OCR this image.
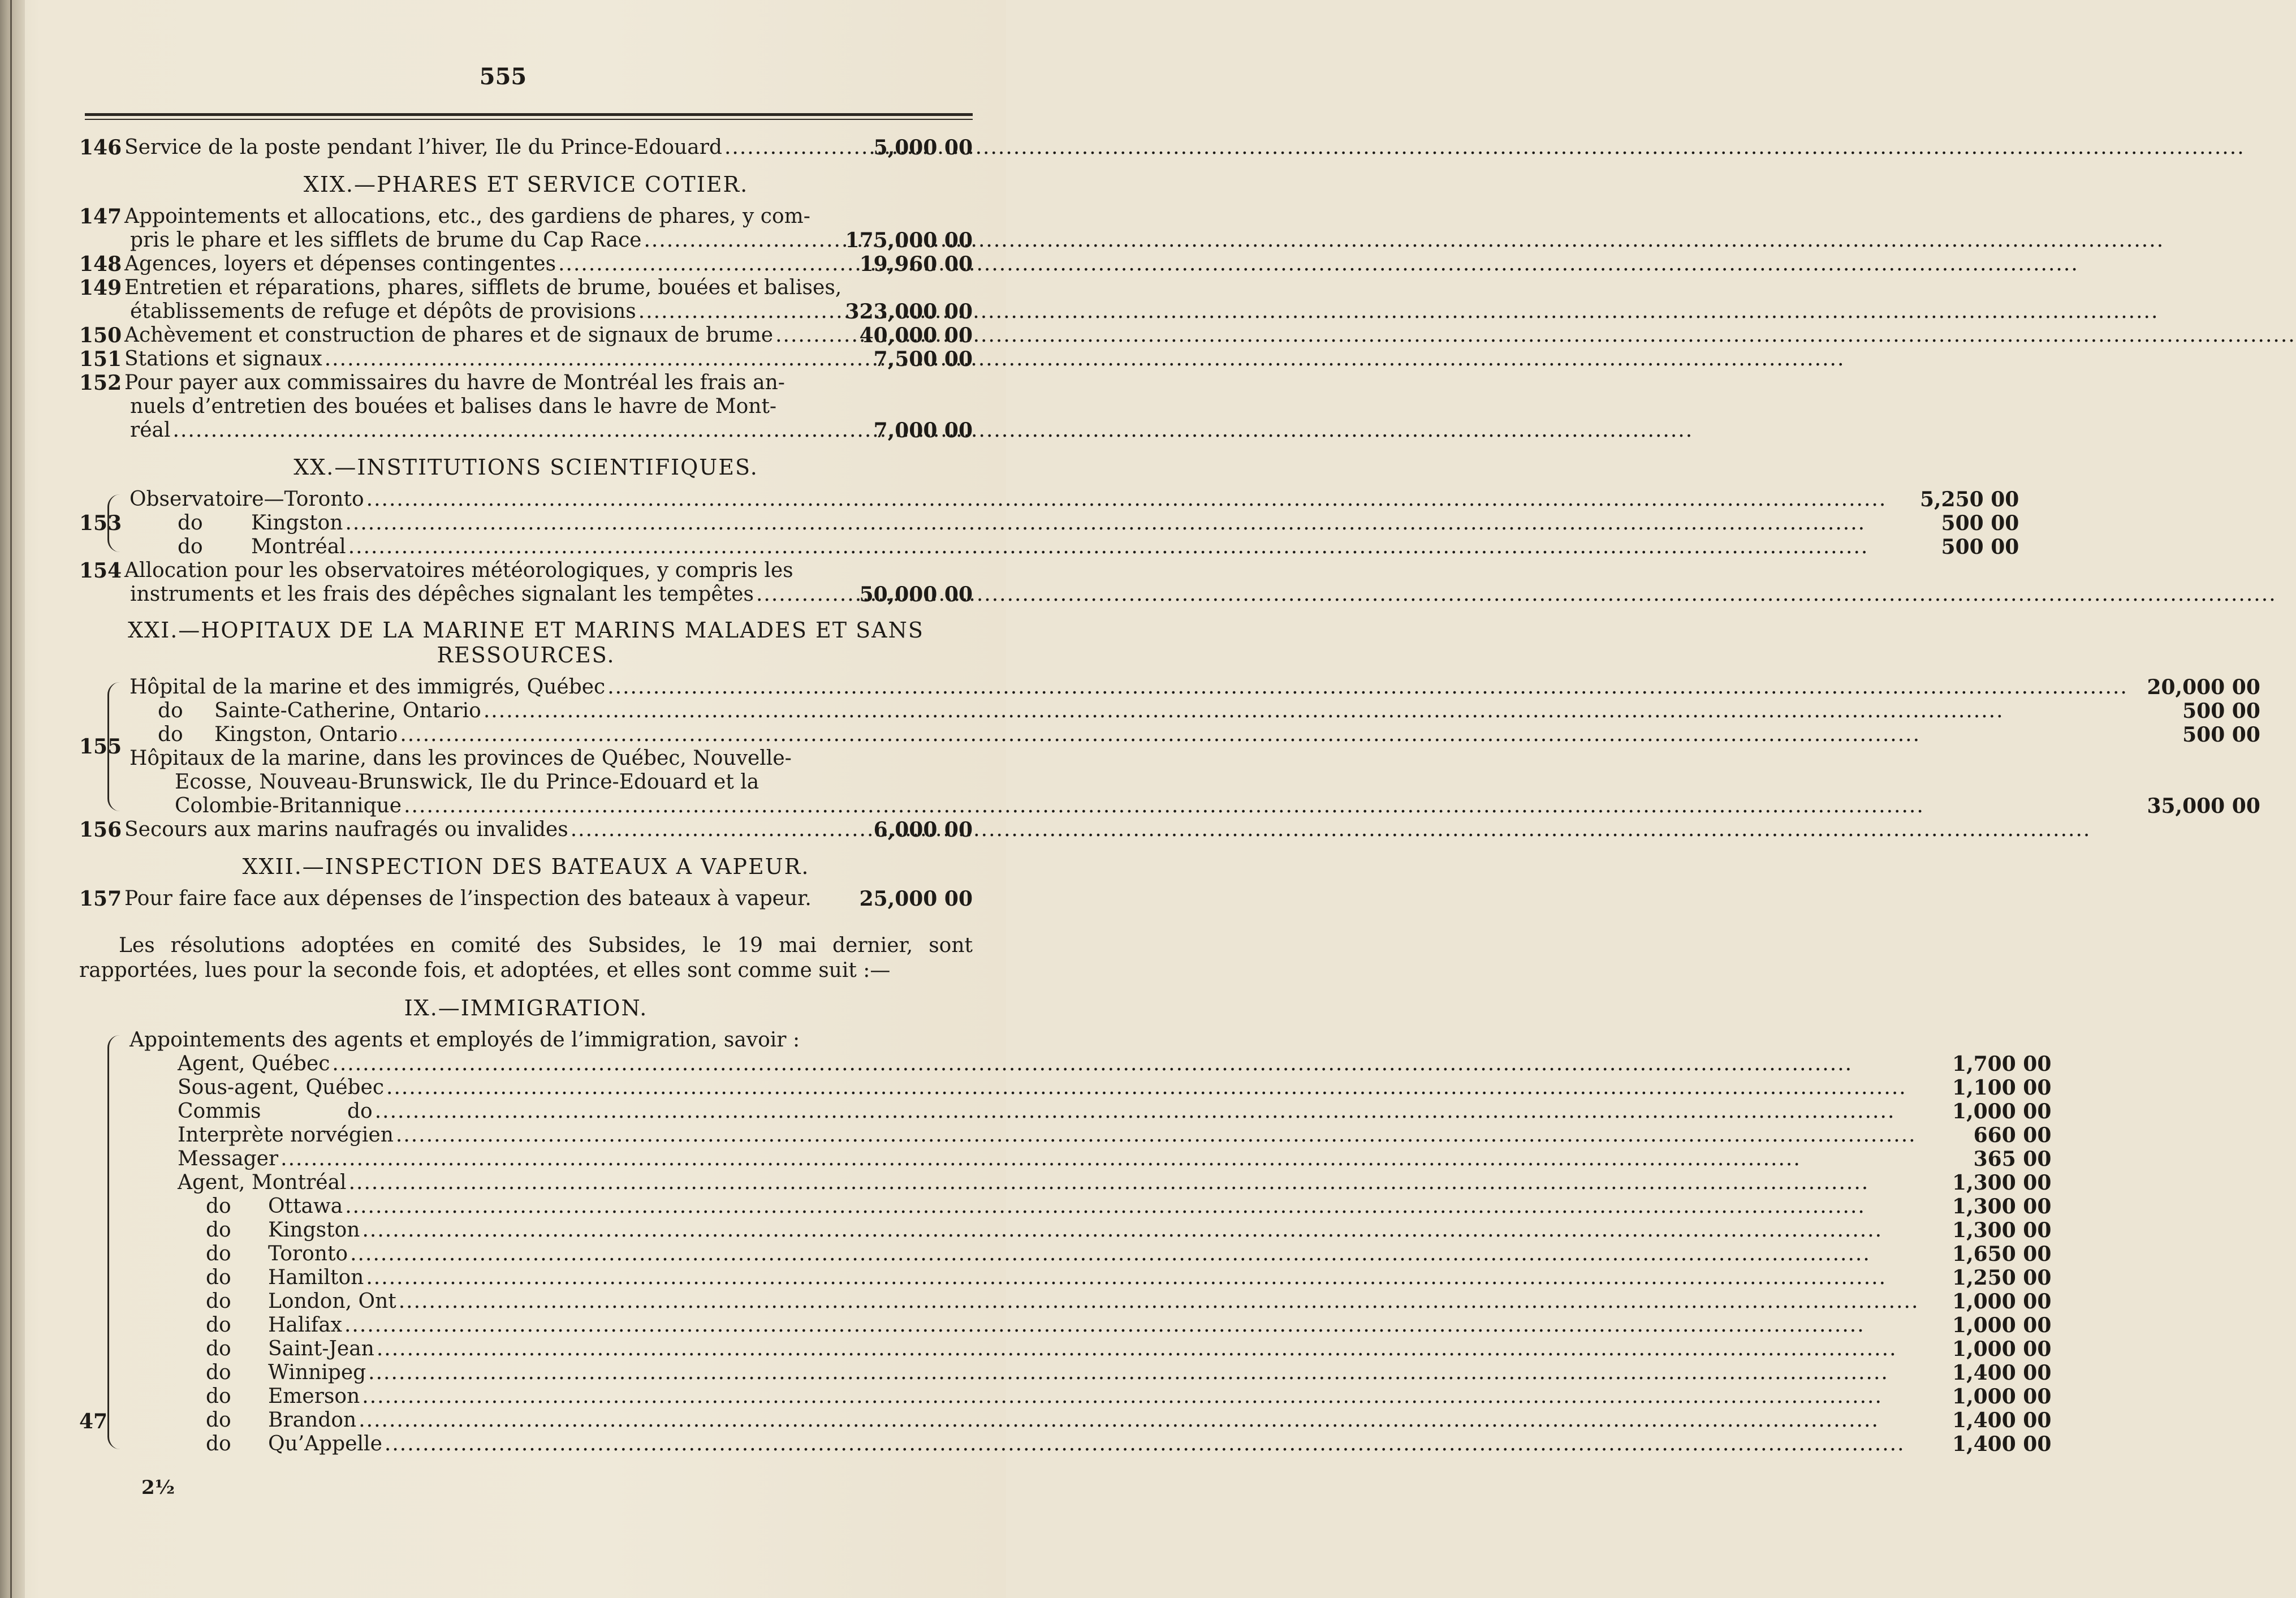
555
146 Service de la poste pendant l’hiver, Ile du Prince-Edouard .....	5,000 00
XIX.—PHARES ET SERVICE COTIER.
147 Appointements et allocations, etc., des gardiens de phares, y com-
pris le phare et les sifflets de brume du Cap Race .....	175,000 00
148 Agences, loyers et dépenses contingentes .....	19,960 00
149 Entretien et réparations, phares, sifflets de brume, bouées et balises,
établissements de refuge et dépôts de provisions .....	323,000 00
150 Achèvement et construction de phares et de signaux de brume .....	40,000 00
151 Stations et signaux .....	7,500 00
152 Pour payer aux commissaires du havre de Montréal les frais an-
nuels d’entretien des bouées et balises dans le havre de Mont-
réal .....	7,000 00
XX.—INSTITUTIONS SCIENTIFIQUES.
153
Observatoire—Toronto .....	5,250 00
do	Kingston .....	500 00
do	Montréal .....	500 00
154 Allocation pour les observatoires météorologiques, y compris les
instruments et les frais des dépêches signalant les tempêtes .....	50,000 00
XXI.—HOPITAUX DE LA MARINE ET MARINS MALADES ET SANS
RESSOURCES.
155
Hôpital de la marine et des immigrés, Québec .....	20,000 00
do	Sainte-Catherine, Ontario .....	500 00
do	Kingston, Ontario .....	500 00
Hôpitaux de la marine, dans les provinces de Québec, Nouvelle-
Ecosse, Nouveau-Brunswick, Ile du Prince-Edouard et la
Colombie-Britannique .....	35,000 00
156 Secours aux marins naufragés ou invalides .....	6,000 00
XXII.—INSPECTION DES BATEAUX A VAPEUR.
157 Pour faire face aux dépenses de l’inspection des bateaux à vapeur.	25,000 00
Les résolutions adoptées en comité des Subsides, le 19 mai dernier, sont rapportées, lues pour la seconde fois, et adoptées, et elles sont comme suit :—
IX.—IMMIGRATION.
47
Appointements des agents et employés de l’immigration, savoir :
Agent, Québec .....	1,700 00
Sous-agent, Québec .....	1,100 00
Commis	do .....	1,000 00
Interprète norvégien .....	660 00
Messager .....	365 00
Agent, Montréal .....	1,300 00
do	Ottawa .....	1,300 00
do	Kingston .....	1,300 00
do	Toronto .....	1,650 00
do	Hamilton .....	1,250 00
do	London, Ont .....	1,000 00
do	Halifax .....	1,000 00
do	Saint-Jean .....	1,000 00
do	Winnipeg .....	1,400 00
do	Emerson .....	1,000 00
do	Brandon .....	1,400 00
do	Qu’Appelle .....	1,400 00
2½
